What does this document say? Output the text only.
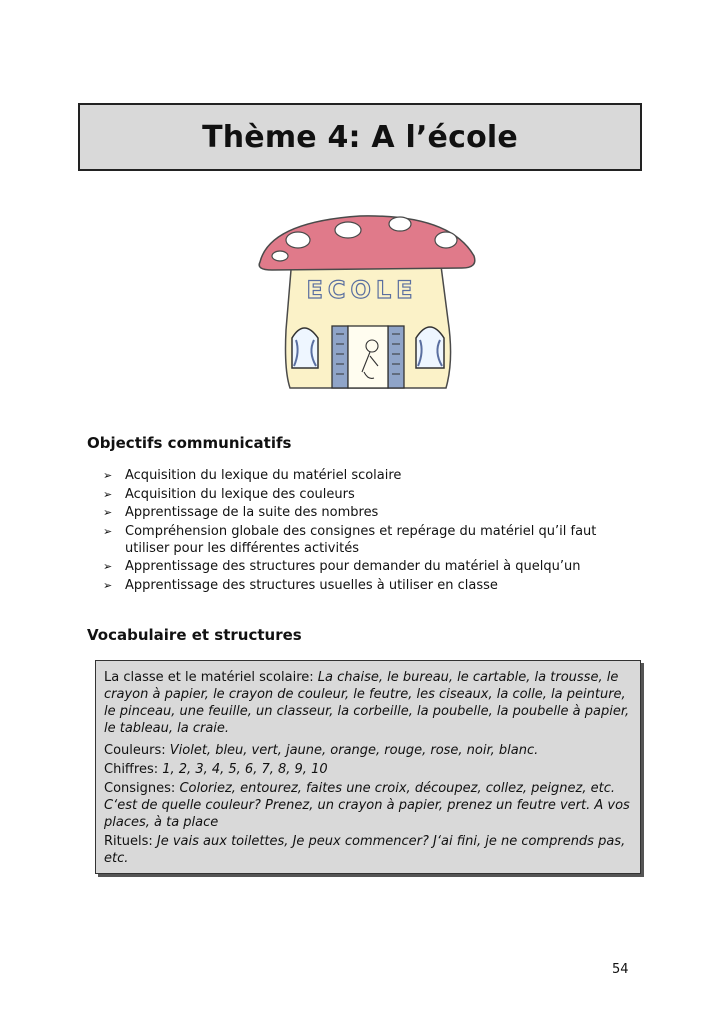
Thème 4: A l’école
ECOLE
Objectifs communicatifs
➢ Acquisition du lexique du matériel scolaire
➢ Acquisition du lexique des couleurs
➢ Apprentissage de la suite des nombres
➢ Compréhension globale des consignes et repérage du matériel qu’il faut utiliser pour les différentes activités
➢ Apprentissage des structures pour demander du matériel à quelqu’un
➢ Apprentissage des structures usuelles à utiliser en classe
Vocabulaire et structures

La classe et le matériel scolaire: La chaise, le bureau, le cartable, la trousse, le crayon à papier, le crayon de couleur, le feutre, les ciseaux, la colle, la peinture, le pinceau, une feuille, un classeur, la corbeille, la poubelle, la poubelle à papier, le tableau, la craie.

Couleurs: Violet, bleu, vert, jaune, orange, rouge, rose, noir, blanc.

Chiffres: 1, 2, 3, 4, 5, 6, 7, 8, 9, 10

Consignes: Coloriez, entourez, faites une croix, découpez, collez, peignez, etc. C‘est de quelle couleur? Prenez, un crayon à papier, prenez un feutre vert. A vos places, à ta place

Rituels: Je vais aux toilettes, Je peux commencer? J‘ai fini, je ne comprends pas, etc.

54
